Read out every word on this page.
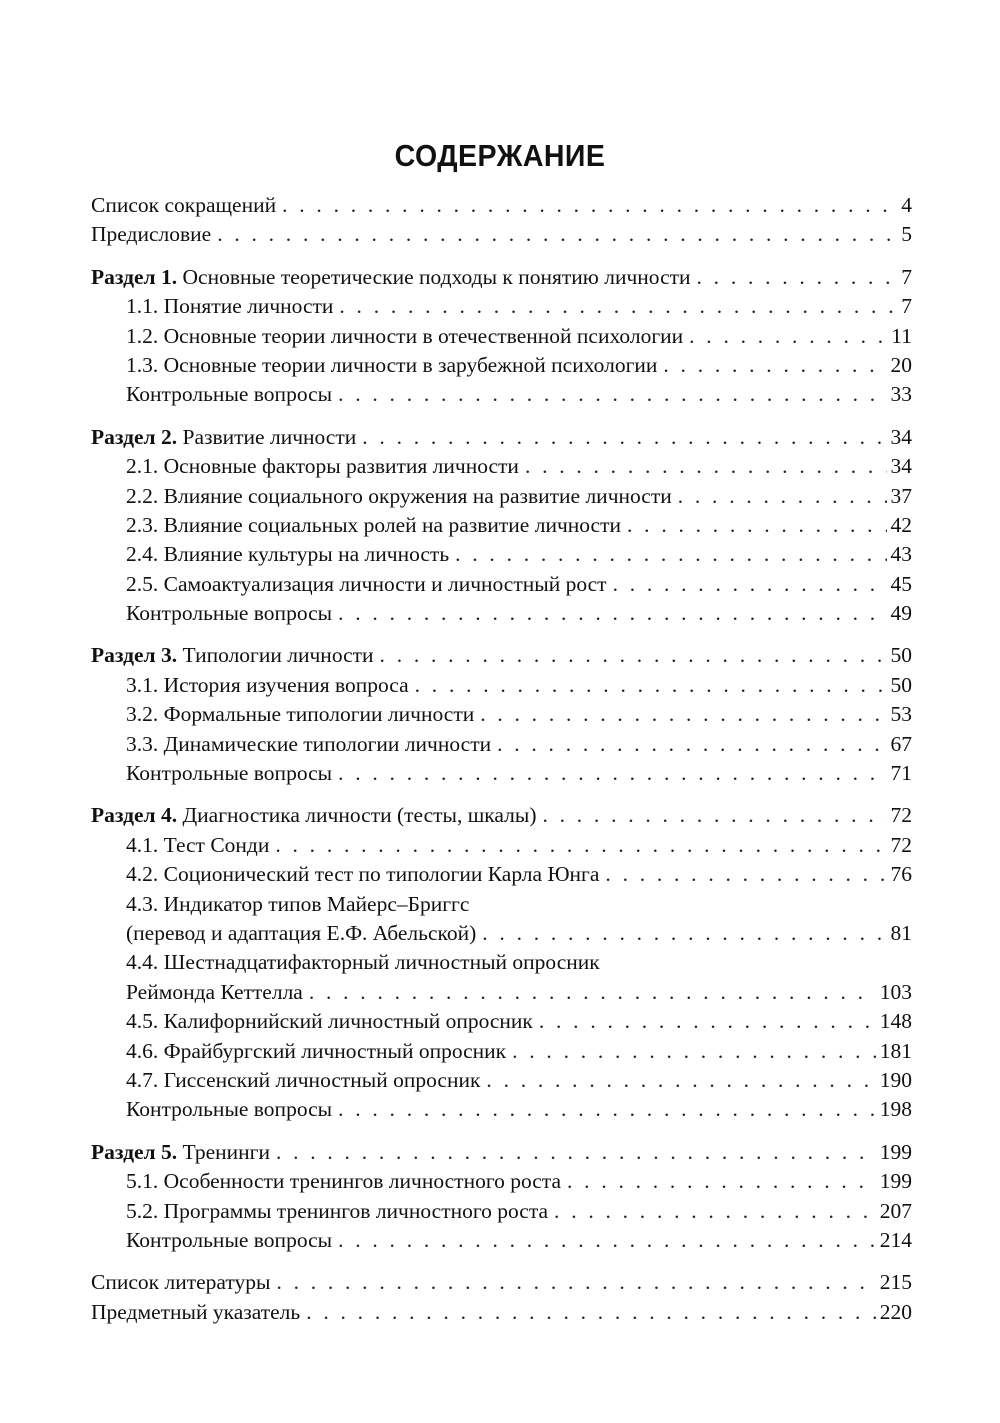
СОДЕРЖАНИЕ
Список сокращений . . .	4
Предисловие . . .	5
Раздел 1. Основные теоретические подходы к понятию личности . . .	7
1.1. Понятие личности . . .	7
1.2. Основные теории личности в отечественной психологии . . .	11
1.3. Основные теории личности в зарубежной психологии . . .	20
Контрольные вопросы . . .	33
Раздел 2. Развитие личности . . .	34
2.1. Основные факторы развития личности . . .	34
2.2. Влияние социального окружения на развитие личности . . .	37
2.3. Влияние социальных ролей на развитие личности . . .	42
2.4. Влияние культуры на личность . . .	43
2.5. Самоактуализация личности и личностный рост . . .	45
Контрольные вопросы . . .	49
Раздел 3. Типологии личности . . .	50
3.1. История изучения вопроса . . .	50
3.2. Формальные типологии личности . . .	53
3.3. Динамические типологии личности . . .	67
Контрольные вопросы . . .	71
Раздел 4. Диагностика личности (тесты, шкалы) . . .	72
4.1. Тест Сонди . . .	72
4.2. Соционический тест по типологии Карла Юнга . . .	76
4.3. Индикатор типов Майерс–Бриггс
(перевод и адаптация Е.Ф. Абельской) . . .	81
4.4. Шестнадцатифакторный личностный опросник
Реймонда Кеттелла . . .	103
4.5. Калифорнийский личностный опросник . . .	148
4.6. Фрайбургский личностный опросник . . .	181
4.7. Гиссенский личностный опросник . . .	190
Контрольные вопросы . . .	198
Раздел 5. Тренинги . . .	199
5.1. Особенности тренингов личностного роста . . .	199
5.2. Программы тренингов личностного роста . . .	207
Контрольные вопросы . . .	214
Список литературы . . .	215
Предметный указатель . . .	220
